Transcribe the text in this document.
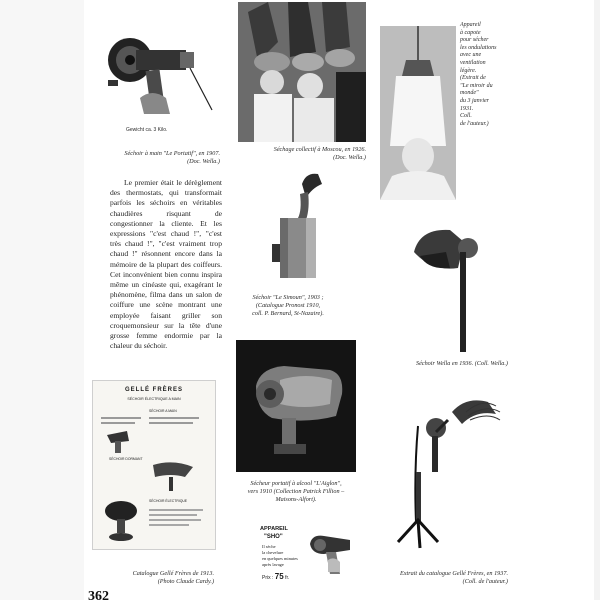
Gewicht ca. 3 Kilo.
Séchoir à main "Le Portatif", en 1907.
(Doc. Wella.)
Séchage collectif à Moscou, en 1926.
(Doc. Wella.)
Appareil
à capote
pour sécher
les ondulations
avec une
ventilation
légère.
(Extrait de
"Le miroir du
monde"
du 3 janvier
1931.
Coll.
de l'auteur.)
Le premier était le dérèglement des thermostats, qui transformait parfois les séchoirs en véritables chaudières risquant de congestionner la cliente. Et les expressions "c'est chaud !", "c'est très chaud !", "c'est vraiment trop chaud !" résonnent encore dans la mémoire de la plupart des coiffeurs. Cet inconvénient bien connu inspira même un cinéaste qui, exagérant le phénomène, filma dans un salon de coiffure une scène montrant une employée faisant griller son croquemonsieur sur la tête d'une grosse femme endormie par la chaleur du séchoir.
Séchoir "Le Simoun", 1903 ;
(Catalogue Pronost 1910,
coll. P. Bernard, St-Nazaire).
Séchoir Wella en 1936. (Coll. Wella.)
Sécheur portatif à alcool "L'Aiglon",
vers 1910 (Collection Patrick Fillion –
Maisons-Alfort).
GELLÉ FRÈRES
SÉCHOIR ÉLECTRIQUE A MAIN
SÉCHOIR A MAIN
SÉCHOIR DORMANT
SÉCHOIR ÉLECTRIQUE
Catalogue Gellé Frères de 1913.
(Photo Claude Cardy.)
APPAREIL
"SHO"
Il sèche
la chevelure
en quelques minutes
après lavage
Prix : 75 fr.
Extrait du catalogue Gellé Frères, en 1937.
(Coll. de l'auteur.)
362
